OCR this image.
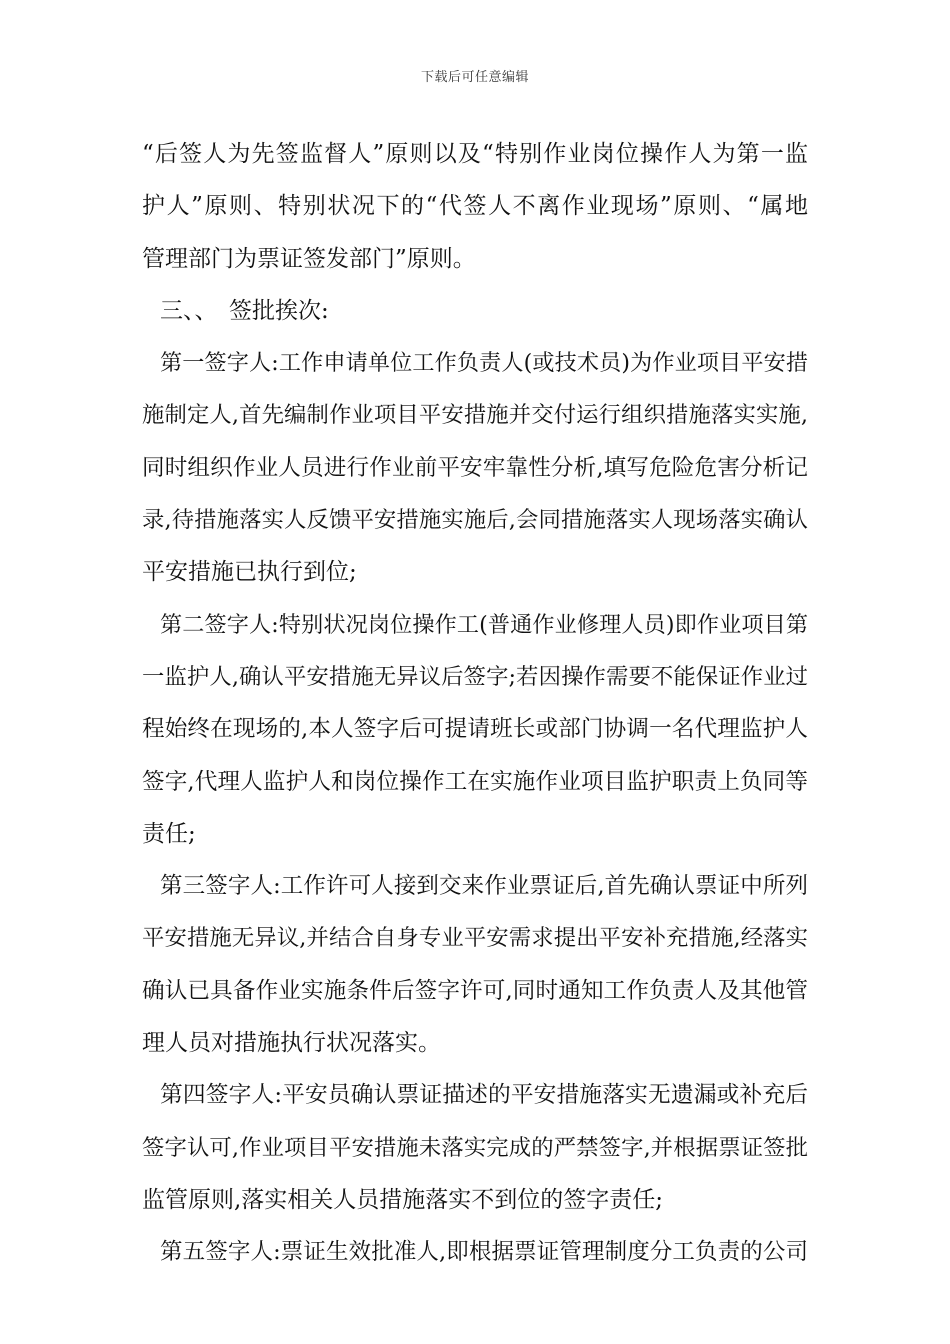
下载后可任意编辑
“后签人为先签监督人”原则以及“特别作业岗位操作人为第一监
护人”原则、特别状况下的“代签人不离作业现场”原则、“属地
管理部门为票证签发部门”原则。
三、、　签批挨次:
第一签字人:工作申请单位工作负责人(或技术员)为作业项目平安措
施制定人,首先编制作业项目平安措施并交付运行组织措施落实实施,
同时组织作业人员进行作业前平安牢靠性分析,填写危险危害分析记
录,待措施落实人反馈平安措施实施后,会同措施落实人现场落实确认
平安措施已执行到位;
第二签字人:特别状况岗位操作工(普通作业修理人员)即作业项目第
一监护人,确认平安措施无异议后签字;若因操作需要不能保证作业过
程始终在现场的,本人签字后可提请班长或部门协调一名代理监护人
签字,代理人监护人和岗位操作工在实施作业项目监护职责上负同等
责任;
第三签字人:工作许可人接到交来作业票证后,首先确认票证中所列
平安措施无异议,并结合自身专业平安需求提出平安补充措施,经落实
确认已具备作业实施条件后签字许可,同时通知工作负责人及其他管
理人员对措施执行状况落实。
第四签字人:平安员确认票证描述的平安措施落实无遗漏或补充后
签字认可,作业项目平安措施未落实完成的严禁签字,并根据票证签批
监管原则,落实相关人员措施落实不到位的签字责任;
第五签字人:票证生效批准人,即根据票证管理制度分工负责的公司
